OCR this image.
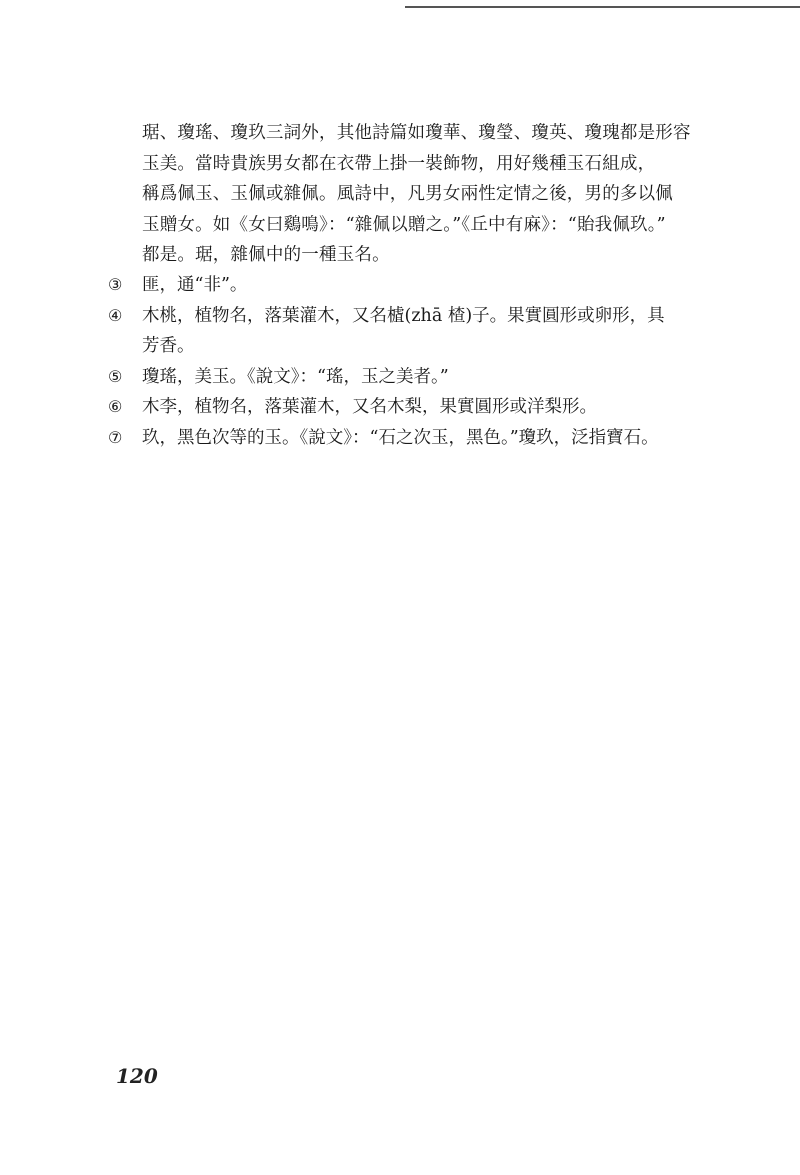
琚、瓊瑤、瓊玖三詞外，其他詩篇如瓊華、瓊瑩、瓊英、瓊瑰都是形容
玉美。當時貴族男女都在衣帶上掛一裝飾物，用好幾種玉石組成，
稱爲佩玉、玉佩或雜佩。風詩中，凡男女兩性定情之後，男的多以佩
玉贈女。如《女曰鷄鳴》：“雜佩以贈之。”《丘中有麻》：“貽我佩玖。”
都是。琚，雜佩中的一種玉名。
③ 匪，通“非”。
④ 木桃，植物名，落葉灌木，又名樝(zhā 楂)子。果實圓形或卵形，具
芳香。
⑤ 瓊瑤，美玉。《說文》：“瑤，玉之美者。”
⑥ 木李，植物名，落葉灌木，又名木梨，果實圓形或洋梨形。
⑦ 玖，黑色次等的玉。《說文》：“石之次玉，黑色。”瓊玖，泛指寶石。
120
